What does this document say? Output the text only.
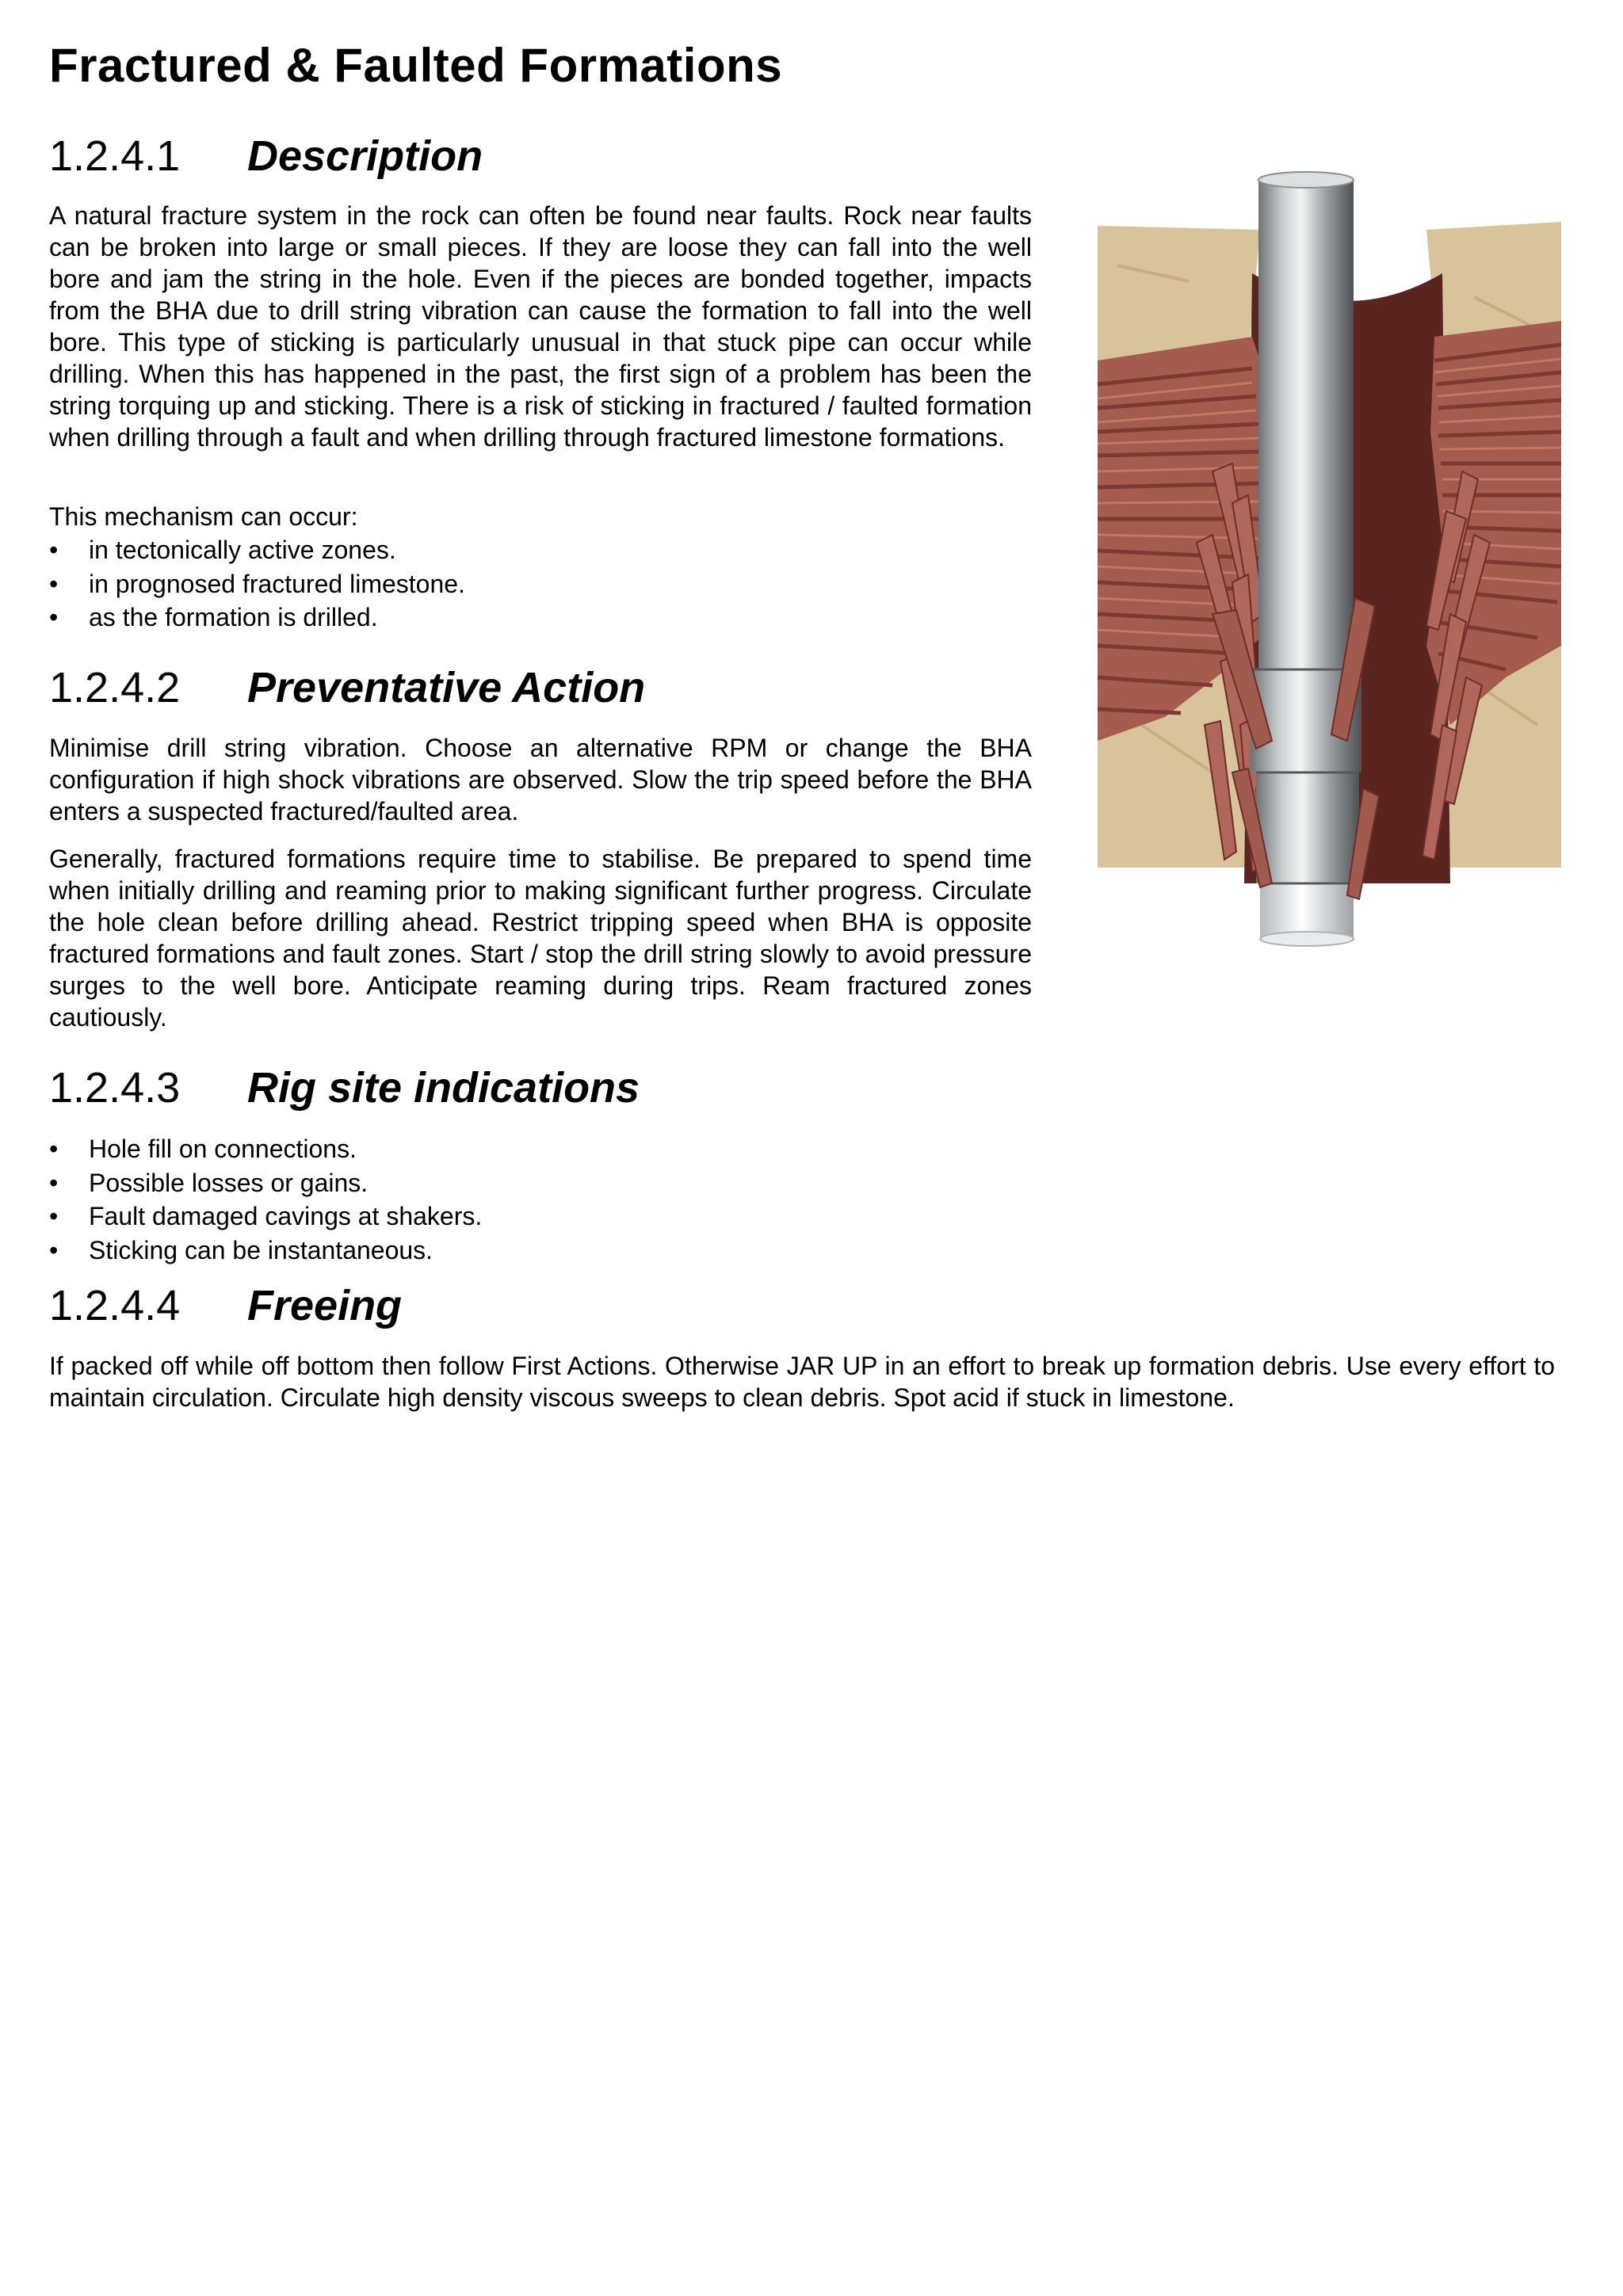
Fractured & Faulted Formations
1.2.4.1 Description

A natural fracture system in the rock can often be found near faults. Rock near faults can be broken into large or small pieces. If they are loose they can fall into the well bore and jam the string in the hole. Even if the pieces are bonded together, impacts from the BHA due to drill string vibration can cause the formation to fall into the well bore. This type of sticking is particularly unusual in that stuck pipe can occur while drilling. When this has happened in the past, the first sign of a problem has been the string torquing up and sticking. There is a risk of sticking in fractured / faulted formation when drilling through a fault and when drilling through fractured limestone formations.

This mechanism can occur:

• in tectonically active zones.
• in prognosed fractured limestone.
• as the formation is drilled.
1.2.4.2 Preventative Action

Minimise drill string vibration. Choose an alternative RPM or change the BHA configuration if high shock vibrations are observed. Slow the trip speed before the BHA enters a suspected fractured/faulted area.

Generally, fractured formations require time to stabilise. Be prepared to spend time when initially drilling and reaming prior to making significant further progress. Circulate the hole clean before drilling ahead. Restrict tripping speed when BHA is opposite fractured formations and fault zones. Start / stop the drill string slowly to avoid pressure surges to the well bore. Anticipate reaming during trips. Ream fractured zones cautiously.

1.2.4.3 Rig site indications
• Hole fill on connections.
• Possible losses or gains.
• Fault damaged cavings at shakers.
• Sticking can be instantaneous.
1.2.4.4 Freeing

If packed off while off bottom then follow First Actions. Otherwise JAR UP in an effort to break up formation debris. Use every effort to maintain circulation. Circulate high density viscous sweeps to clean debris. Spot acid if stuck in limestone.
